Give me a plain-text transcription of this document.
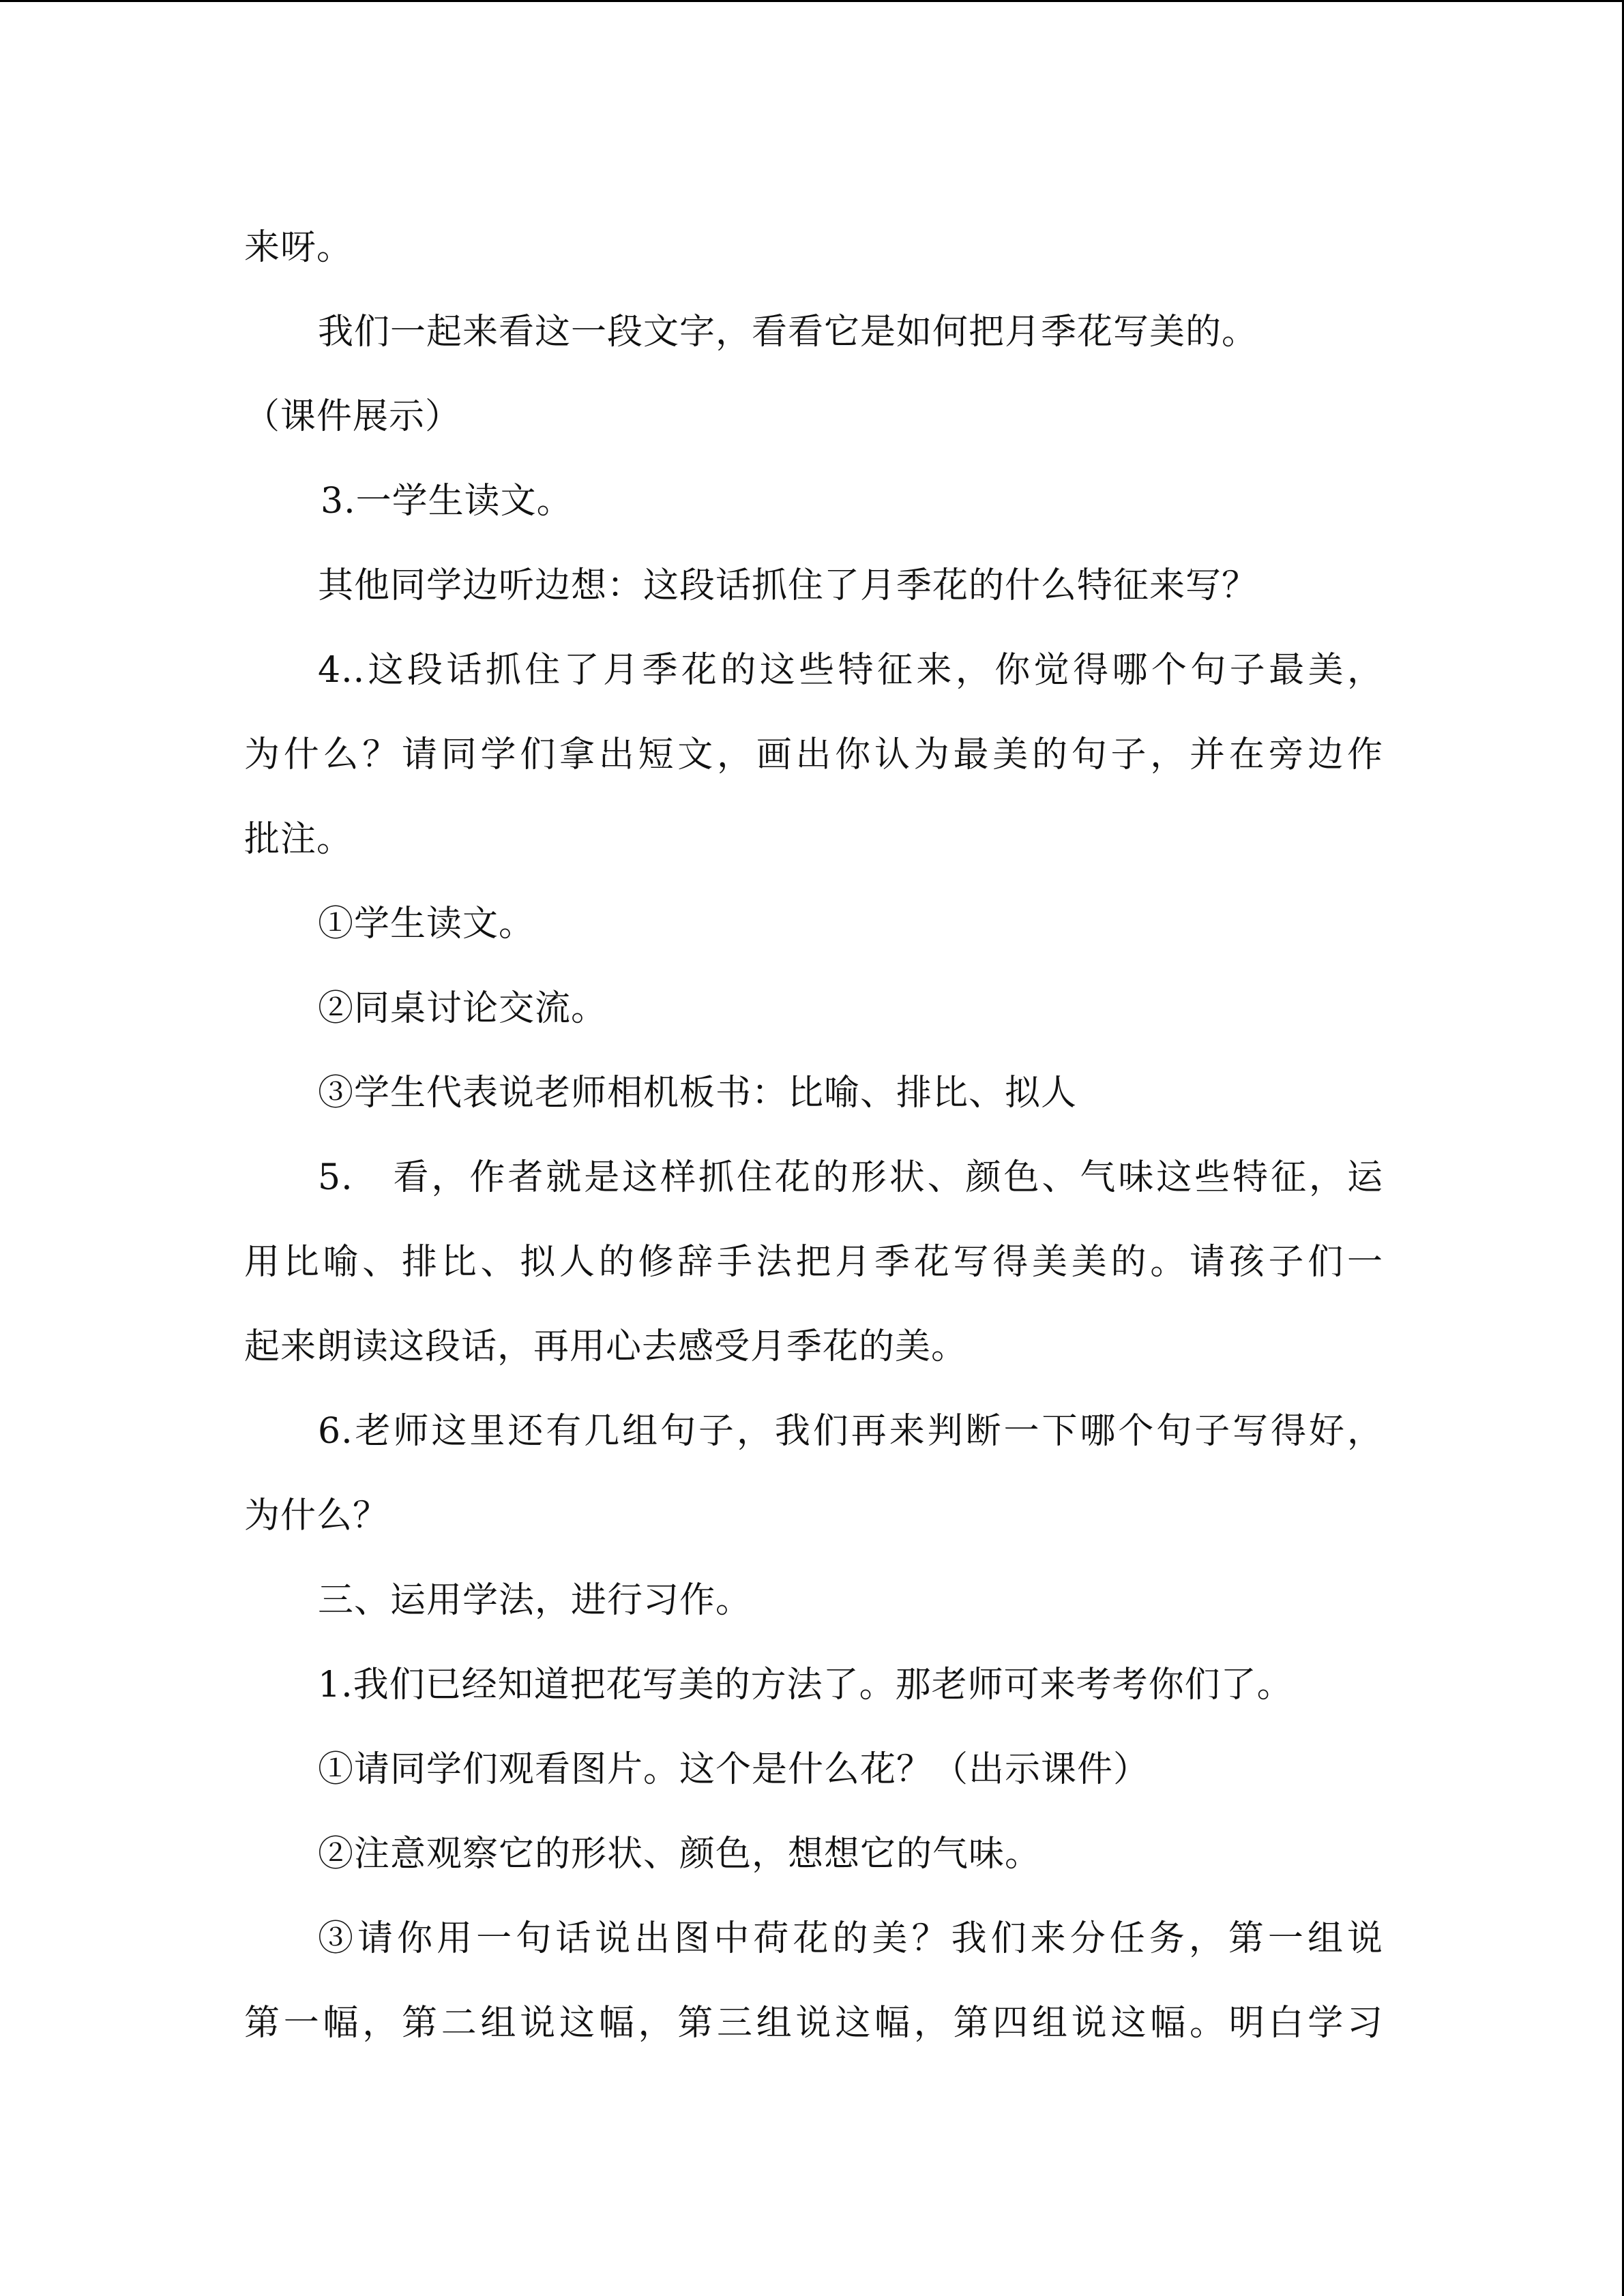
来呀。
我们一起来看这一段文字，看看它是如何把月季花写美的。
（课件展示）
3.一学生读文。
其他同学边听边想：这段话抓住了月季花的什么特征来写？
4..这段话抓住了月季花的这些特征来，你觉得哪个句子最美，
为什么？请同学们拿出短文，画出你认为最美的句子，并在旁边作
批注。
①学生读文。
②同桌讨论交流。
③学生代表说老师相机板书：比喻、排比、拟人
5.　看，作者就是这样抓住花的形状、颜色、气味这些特征，运
用比喻、排比、拟人的修辞手法把月季花写得美美的。请孩子们一
起来朗读这段话，再用心去感受月季花的美。
6.老师这里还有几组句子，我们再来判断一下哪个句子写得好，
为什么？
三、运用学法，进行习作。
1.我们已经知道把花写美的方法了。那老师可来考考你们了。
①请同学们观看图片。这个是什么花？（出示课件）
②注意观察它的形状、颜色，想想它的气味。
③请你用一句话说出图中荷花的美？我们来分任务，第一组说
第一幅，第二组说这幅，第三组说这幅，第四组说这幅。明白学习
